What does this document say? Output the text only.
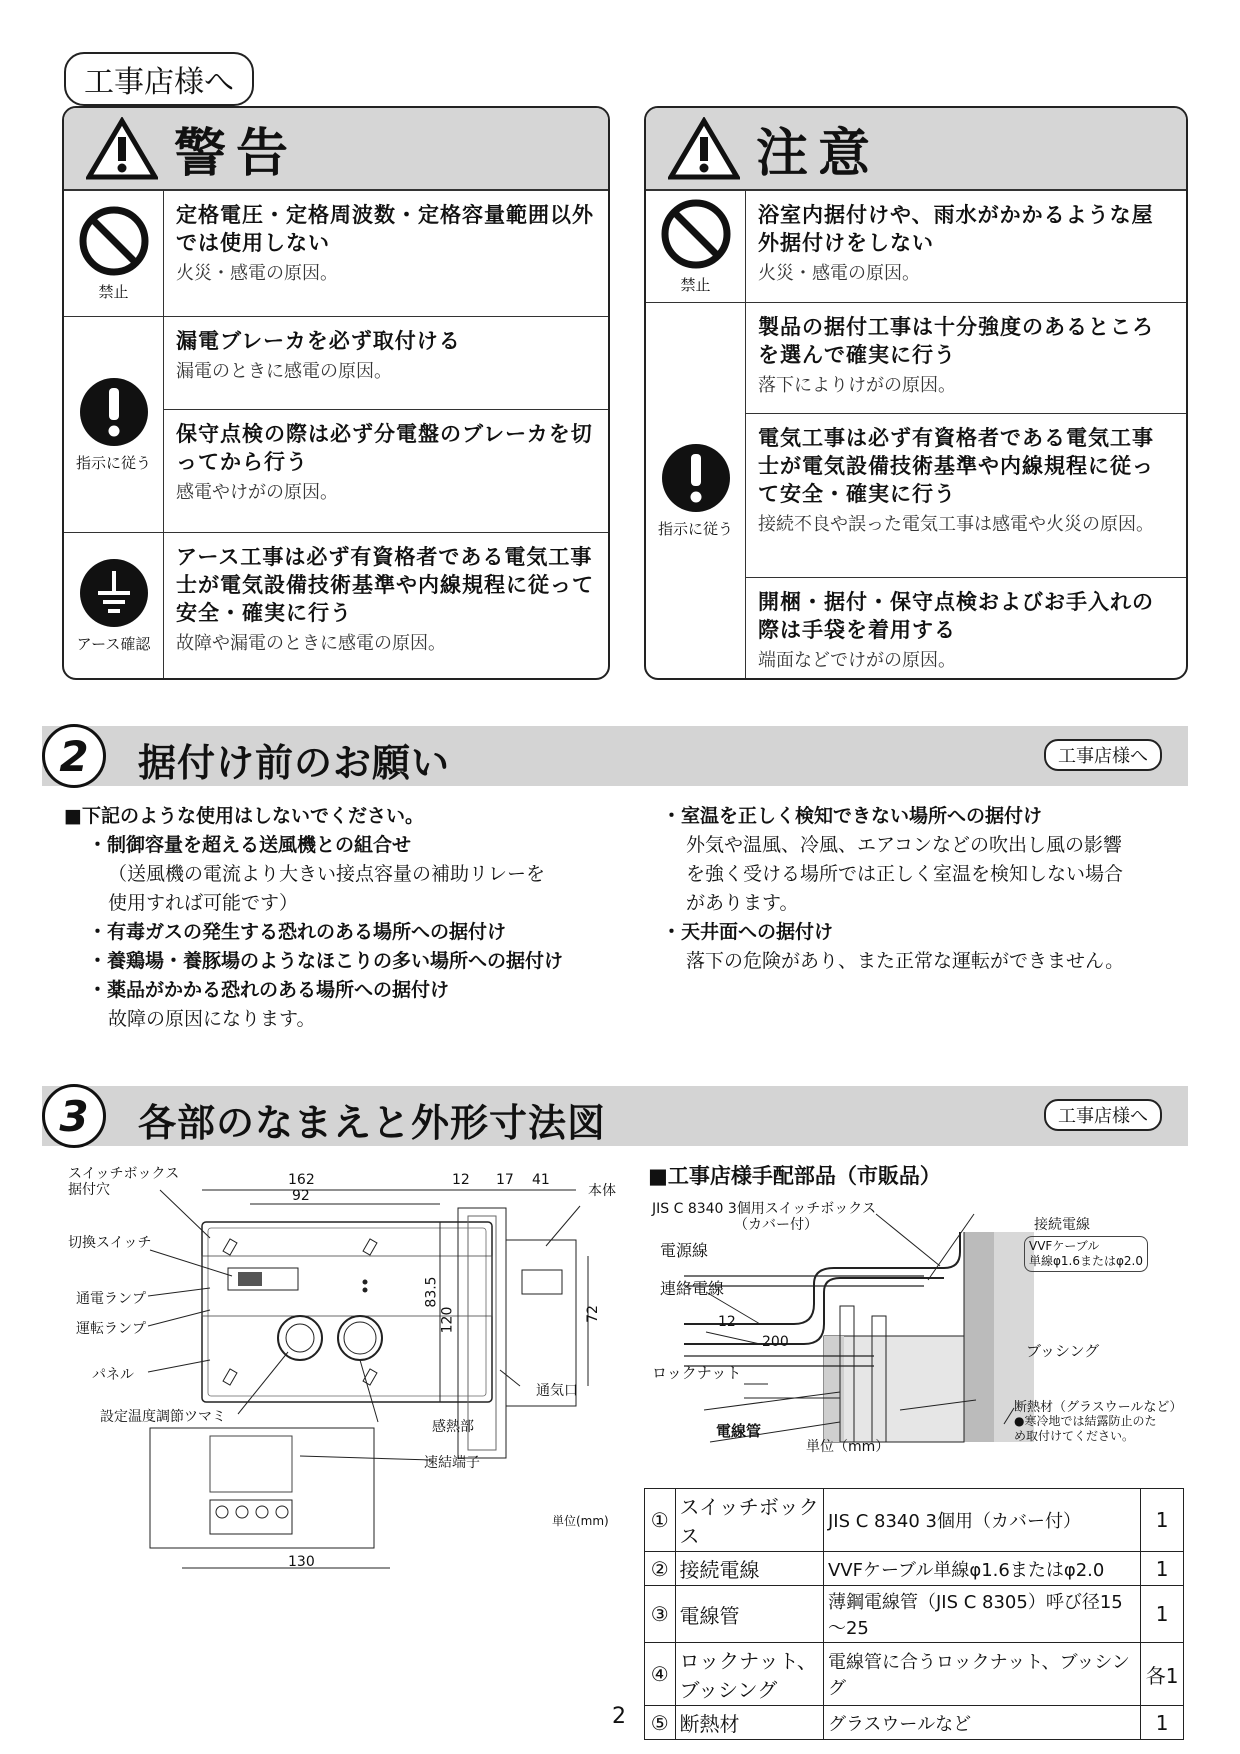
工事店様へ
警告
禁止
定格電圧・定格周波数・定格容量範囲以外では使用しない
火災・感電の原因。
指示に従う
漏電ブレーカを必ず取付ける
漏電のときに感電の原因。
保守点検の際は必ず分電盤のブレーカを切ってから行う
感電やけがの原因。
アース確認
アース工事は必ず有資格者である電気工事士が電気設備技術基準や内線規程に従って安全・確実に行う
故障や漏電のときに感電の原因。
注意
禁止
浴室内据付けや、雨水がかかるような屋外据付けをしない
火災・感電の原因。
指示に従う
製品の据付工事は十分強度のあるところを選んで確実に行う
落下によりけがの原因。
電気工事は必ず有資格者である電気工事士が電気設備技術基準や内線規程に従って安全・確実に行う
接続不良や誤った電気工事は感電や火災の原因。
開梱・据付・保守点検およびお手入れの際は手袋を着用する
端面などでけがの原因。
2	据付け前のお願い	工事店様へ
■下記のような使用はしないでください。
・制御容量を超える送風機との組合せ
（送風機の電流より大きい接点容量の補助リレーを
使用すれば可能です）
・有毒ガスの発生する恐れのある場所への据付け
・養鶏場・養豚場のようなほこりの多い場所への据付け
・薬品がかかる恐れのある場所への据付け
故障の原因になります。
・室温を正しく検知できない場所への据付け
外気や温風、冷風、エアコンなどの吹出し風の影響
を強く受ける場所では正しく室温を検知しない場合
があります。
・天井面への据付け
落下の危険があり、また正常な運転ができません。
3	各部のなまえと外形寸法図	工事店様へ
スイッチボックス
据付穴
切換スイッチ
通電ランプ
運転ランプ
パネル
設定温度調節ツマミ
感熱部
速結端子
本体
通気口
単位(mm)
162
92
12 17 41
83.5
120	72
130
■工事店様手配部品（市販品）
JIS C 8340 3個用スイッチボックス
（カバー付）
電源線
連絡電線
接続電線
VVFケーブル
単線φ1.6またはφ2.0
12
200
ロックナット
ブッシング
電線管
単位（mm）
断熱材（グラスウールなど）
●寒冷地では結露防止のた
め取付けてください。
①	スイッチボックス	JIS C 8340 3個用（カバー付）	1
②	接続電線	VVFケーブル単線φ1.6またはφ2.0	1
③	電線管	薄鋼電線管（JIS C 8305）呼び径15～25	1
④	ロックナット、ブッシング	電線管に合うロックナット、ブッシング	各1
⑤	断熱材	グラスウールなど	1
2
